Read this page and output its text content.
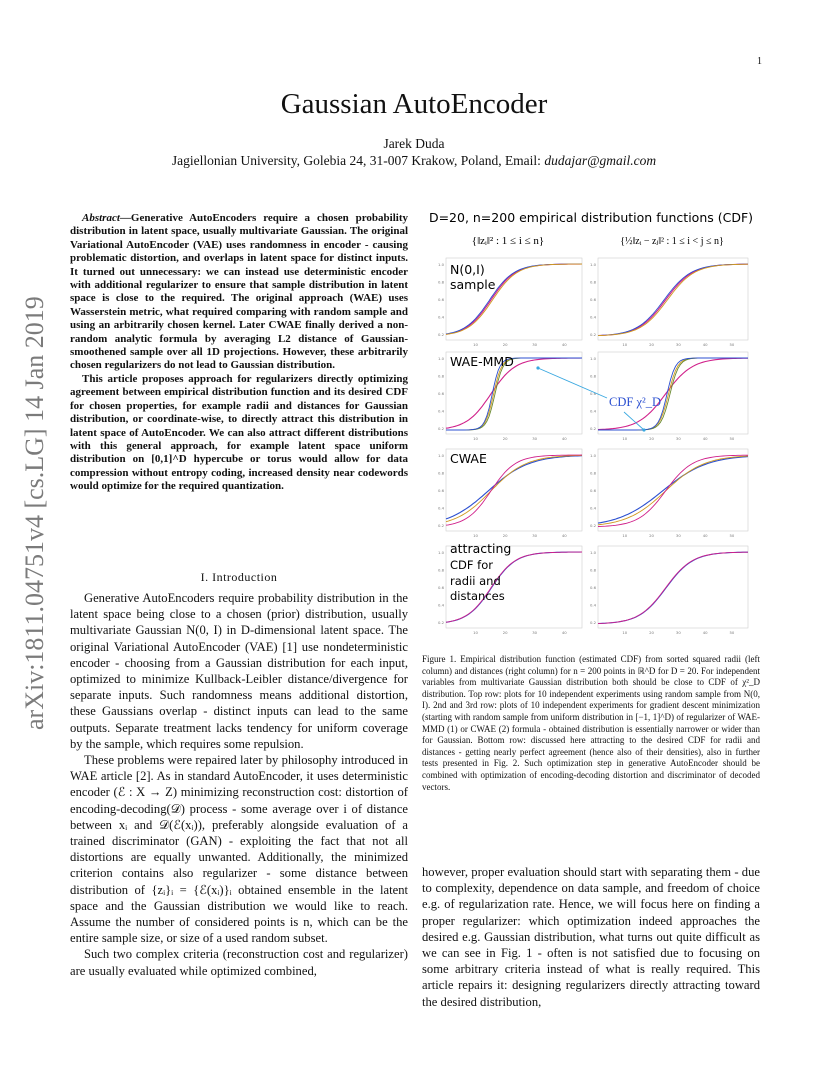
1
arXiv:1811.04751v4 [cs.LG] 14 Jan 2019
Gaussian AutoEncoder
Jarek Duda
Jagiellonian University, Golebia 24, 31-007 Krakow, Poland, Email: dudajar@gmail.com

Abstract—Generative AutoEncoders require a chosen probability distribution in latent space, usually multivariate Gaussian. The original Variational AutoEncoder (VAE) uses randomness in encoder - causing problematic distortion, and overlaps in latent space for distinct inputs. It turned out unnecessary: we can instead use deterministic encoder with additional regularizer to ensure that sample distribution in latent space is close to the required. The original approach (WAE) uses Wasserstein metric, what required comparing with random sample and using an arbitrarily chosen kernel. Later CWAE finally derived a non-random analytic formula by averaging L2 distance of Gaussian-smoothened sample over all 1D projections. However, these arbitrarily chosen regularizers do not lead to Gaussian distribution.

This article proposes approach for regularizers directly optimizing agreement between empirical distribution function and its desired CDF for chosen properties, for example radii and distances for Gaussian distribution, or coordinate-wise, to directly attract this distribution in latent space of AutoEncoder. We can also attract different distributions with this general approach, for example latent space uniform distribution on [0,1]^D hypercube or torus would allow for data compression without entropy coding, increased density near codewords would optimize for the required quantization.

I. Introduction

Generative AutoEncoders require probability distribution in the latent space being close to a chosen (prior) distribution, usually multivariate Gaussian N(0, I) in D-dimensional latent space. The original Variational AutoEncoder (VAE) [1] use nondeterministic encoder - choosing from a Gaussian distribution for each input, optimized to minimize Kullback-Leibler distance/divergence for separate inputs. Such randomness means additional distortion, these Gaussians overlap - distinct inputs can lead to the same outputs. Separate treatment lacks tendency for uniform coverage by the sample, which requires some repulsion.

These problems were repaired later by philosophy introduced in WAE article [2]. As in standard AutoEncoder, it uses deterministic encoder (ℰ : X → Z) minimizing reconstruction cost: distortion of encoding-decoding(𝒟) process - some average over i of distance between xᵢ and 𝒟(ℰ(xᵢ)), preferably alongside evaluation of a trained discriminator (GAN) - exploiting the fact that not all distortions are equally unwanted. Additionally, the minimized criterion contains also regularizer - some distance between distribution of {zᵢ}ᵢ = {ℰ(xᵢ)}ᵢ obtained ensemble in the latent space and the Gaussian distribution we would like to reach. Assume the number of considered points is n, which can be the entire sample size, or size of a used random subset.

Such two complex criteria (reconstruction cost and regularizer) are usually evaluated while optimized combined,

D=20, n=200 empirical distribution functions (CDF)
{‖zᵢ‖² : 1 ≤ i ≤ n}	{½‖zᵢ − zⱼ‖² : 1 ≤ i < j ≤ n}
1.0
0.8
0.6
0.4
0.2
10	20	30	40
1.0
0.8
0.6
0.4
0.2
10	20	30	40	50
1.0
0.8
0.6
0.4
0.2
10	20	30	40
1.0
0.8
0.6
0.4
0.2
10	20	30	40	50
1.0
0.8
0.6
0.4
0.2
10	20	30	40
1.0
0.8
0.6
0.4
0.2
10	20	30	40	50
1.0
0.8
0.6
0.4
0.2
10	20	30	40
1.0
0.8
0.6
0.4
0.2
10	20	30	40	50
N(0,I)
sample
WAE-MMD
CWAE
attracting
CDF for
radii and
distances
CDF χ²_D
Figure 1. Empirical distribution function (estimated CDF) from sorted squared radii (left column) and distances (right column) for n = 200 points in ℝ^D for D = 20. For independent variables from multivariate Gaussian distribution both should be close to CDF of χ²_D distribution. Top row: plots for 10 independent experiments using random sample from N(0, I). 2nd and 3rd row: plots of 10 independent experiments for gradient descent minimization (starting with random sample from uniform distribution in [−1, 1]^D) of regularizer of WAE-MMD (1) or CWAE (2) formula - obtained distribution is essentially narrower or wider than for Gaussian. Bottom row: discussed here attracting to the desired CDF for radii and distances - getting nearly perfect agreement (hence also of their densities), also in further tests presented in Fig. 2. Such optimization step in generative AutoEncoder should be combined with optimization of encoding-decoding distortion and discriminator of decoded vectors.

however, proper evaluation should start with separating them - due to complexity, dependence on data sample, and freedom of choice e.g. of regularization rate. Hence, we will focus here on finding a proper regularizer: which optimization indeed approaches the desired e.g. Gaussian distribution, what turns out quite difficult as we can see in Fig. 1 - often is not satisfied due to focusing on some arbitrary criteria instead of what is really required. This article repairs it: designing regularizers directly attracting toward the desired distribution,
